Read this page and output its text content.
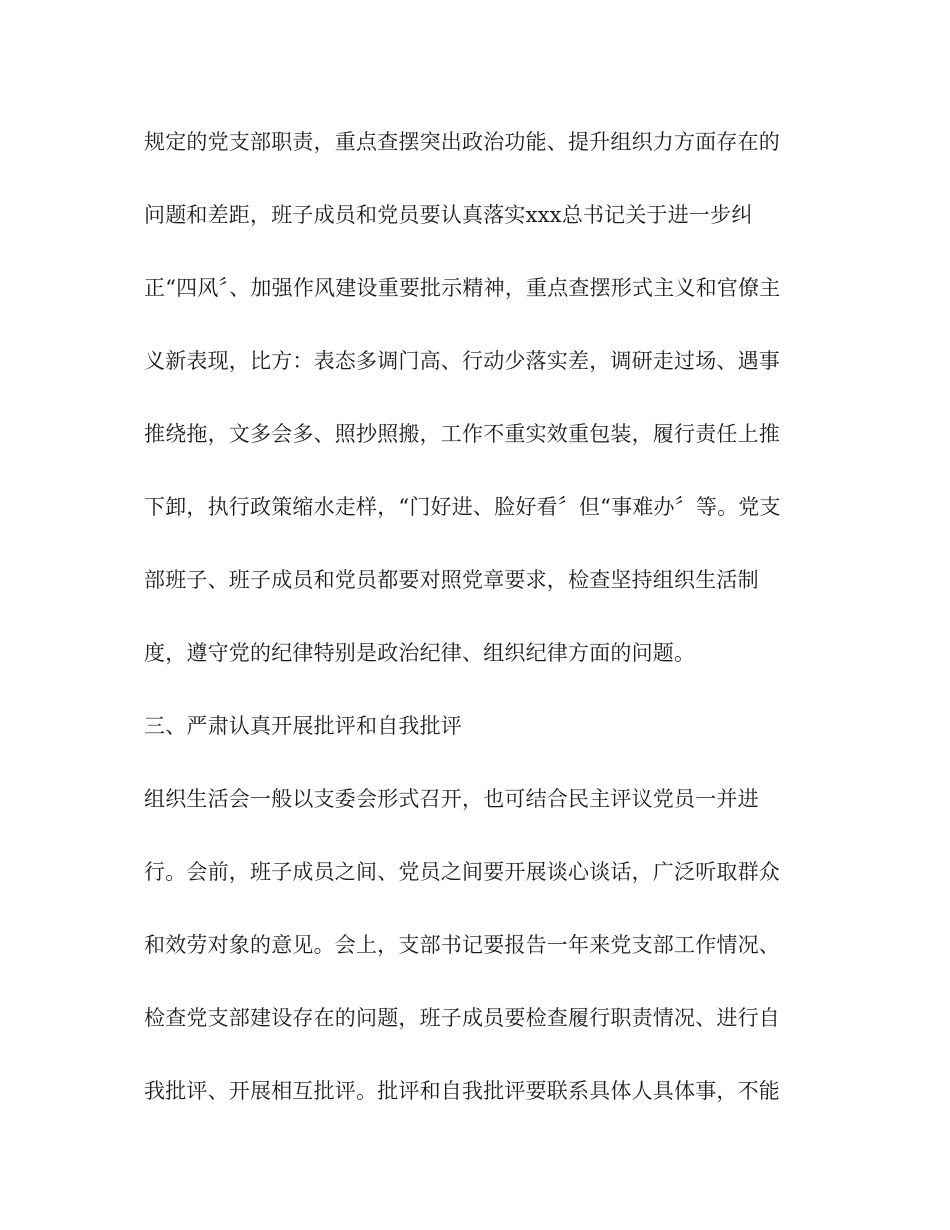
规定的党支部职责，重点查摆突出政治功能、提升组织力方面存在的
问题和差距，班子成员和党员要认真落实xxx总书记关于进一步纠
正“四风〞、加强作风建设重要批示精神，重点查摆形式主义和官僚主
义新表现，比方：表态多调门高、行动少落实差，调研走过场、遇事
推绕拖，文多会多、照抄照搬，工作不重实效重包装，履行责任上推
下卸，执行政策缩水走样，“门好进、脸好看〞但“事难办〞等。党支
部班子、班子成员和党员都要对照党章要求，检查坚持组织生活制
度，遵守党的纪律特别是政治纪律、组织纪律方面的问题。
三、严肃认真开展批评和自我批评
组织生活会一般以支委会形式召开，也可结合民主评议党员一并进
行。会前，班子成员之间、党员之间要开展谈心谈话，广泛听取群众
和效劳对象的意见。会上，支部书记要报告一年来党支部工作情况、
检查党支部建设存在的问题，班子成员要检查履行职责情况、进行自
我批评、开展相互批评。批评和自我批评要联系具体人具体事，不能
